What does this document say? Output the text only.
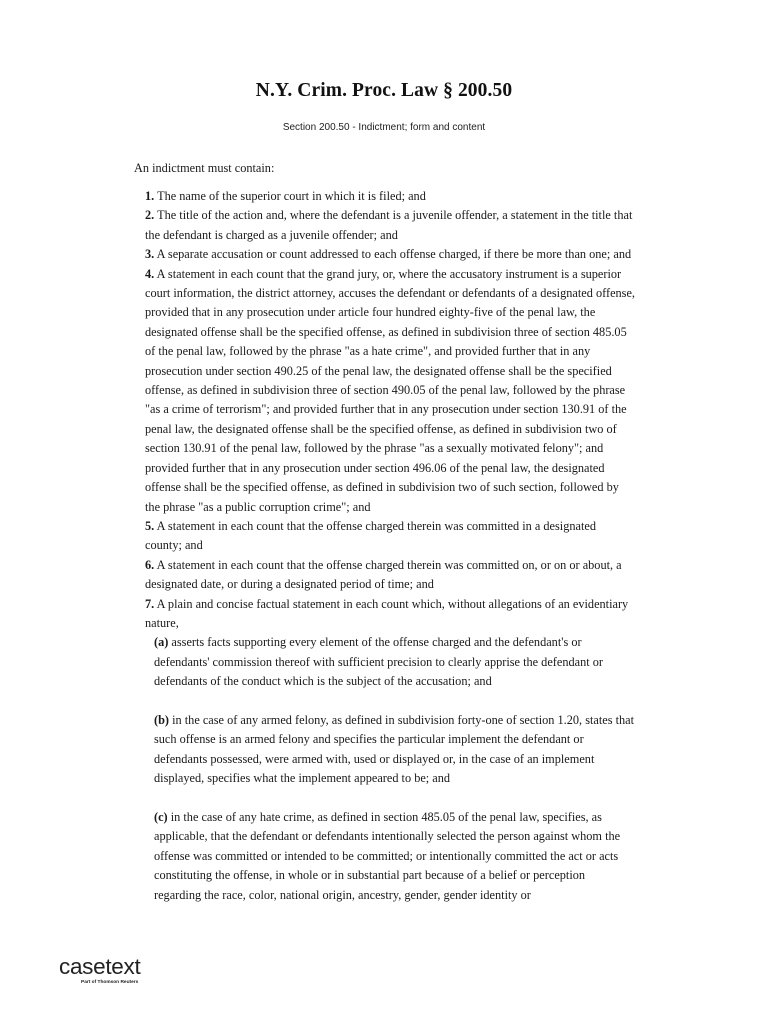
N.Y. Crim. Proc. Law § 200.50
Section 200.50 - Indictment; form and content
An indictment must contain:

1. The name of the superior court in which it is filed; and

2. The title of the action and, where the defendant is a juvenile offender, a statement in the title that the defendant is charged as a juvenile offender; and

3. A separate accusation or count addressed to each offense charged, if there be more than one; and

4. A statement in each count that the grand jury, or, where the accusatory instrument is a superior court information, the district attorney, accuses the defendant or defendants of a designated offense, provided that in any prosecution under article four hundred eighty-five of the penal law, the designated offense shall be the specified offense, as defined in subdivision three of section 485.05 of the penal law, followed by the phrase "as a hate crime", and provided further that in any prosecution under section 490.25 of the penal law, the designated offense shall be the specified offense, as defined in subdivision three of section 490.05 of the penal law, followed by the phrase "as a crime of terrorism"; and provided further that in any prosecution under section 130.91 of the penal law, the designated offense shall be the specified offense, as defined in subdivision two of section 130.91 of the penal law, followed by the phrase "as a sexually motivated felony"; and provided further that in any prosecution under section 496.06 of the penal law, the designated offense shall be the specified offense, as defined in subdivision two of such section, followed by the phrase "as a public corruption crime"; and

5. A statement in each count that the offense charged therein was committed in a designated county; and

6. A statement in each count that the offense charged therein was committed on, or on or about, a designated date, or during a designated period of time; and

7. A plain and concise factual statement in each count which, without allegations of an evidentiary nature,

(a) asserts facts supporting every element of the offense charged and the defendant's or defendants' commission thereof with sufficient precision to clearly apprise the defendant or defendants of the conduct which is the subject of the accusation; and

(b) in the case of any armed felony, as defined in subdivision forty-one of section 1.20, states that such offense is an armed felony and specifies the particular implement the defendant or defendants possessed, were armed with, used or displayed or, in the case of an implement displayed, specifies what the implement appeared to be; and

(c) in the case of any hate crime, as defined in section 485.05 of the penal law, specifies, as applicable, that the defendant or defendants intentionally selected the person against whom the offense was committed or intended to be committed; or intentionally committed the act or acts constituting the offense, in whole or in substantial part because of a belief or perception regarding the race, color, national origin, ancestry, gender, gender identity or

casetext
Part of Thomson Reuters
